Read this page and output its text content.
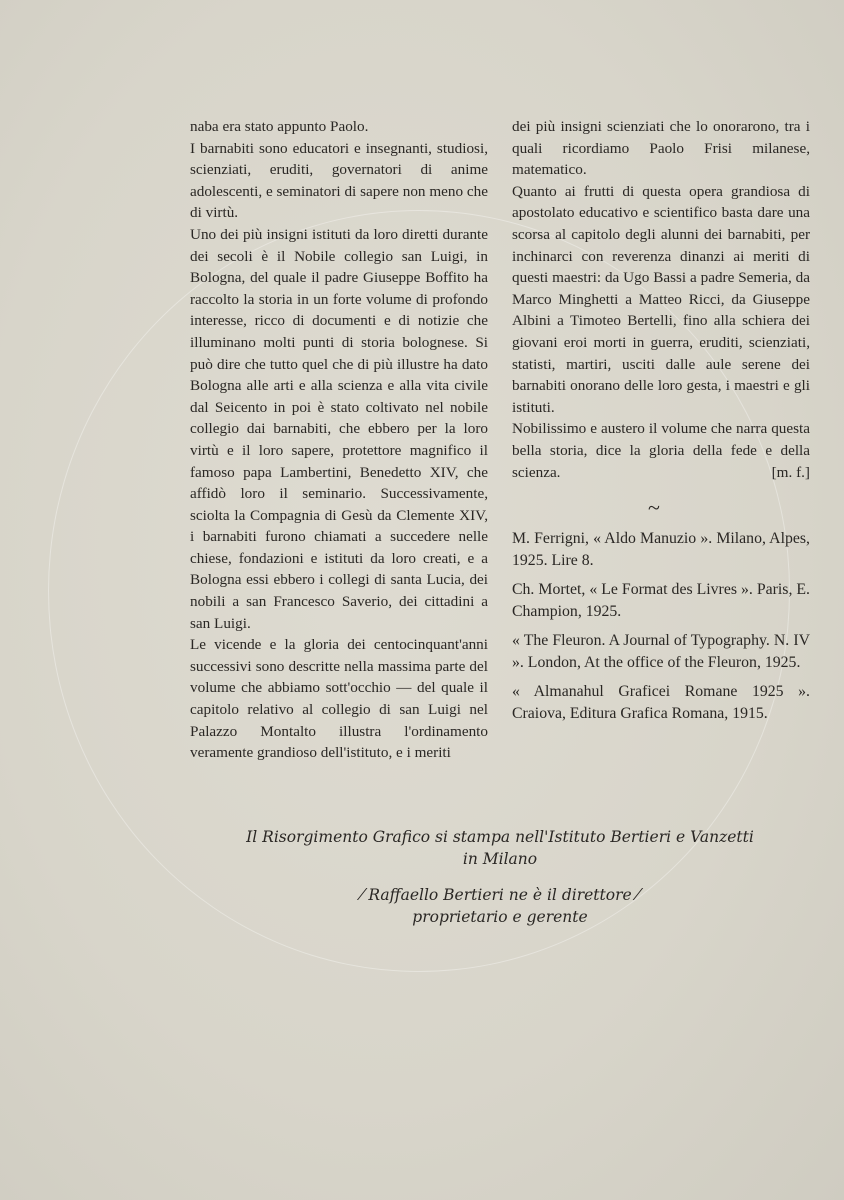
naba era stato appunto Paolo.

I barnabiti sono educatori e insegnanti, studiosi, scienziati, eruditi, governatori di anime adolescenti, e seminatori di sapere non meno che di virtù.

Uno dei più insigni istituti da loro diretti durante dei secoli è il Nobile collegio san Luigi, in Bologna, del quale il padre Giuseppe Boffito ha raccolto la storia in un forte volume di profondo interesse, ricco di documenti e di notizie che illuminano molti punti di storia bolognese. Si può dire che tutto quel che di più illustre ha dato Bologna alle arti e alla scienza e alla vita civile dal Seicento in poi è stato coltivato nel nobile collegio dai barnabiti, che ebbero per la loro virtù e il loro sapere, protettore magnifico il famoso papa Lambertini, Benedetto XIV, che affidò loro il seminario. Successivamente, sciolta la Compagnia di Gesù da Clemente XIV, i barnabiti furono chiamati a succedere nelle chiese, fondazioni e istituti da loro creati, e a Bologna essi ebbero i collegi di santa Lucia, dei nobili a san Francesco Saverio, dei cittadini a san Luigi.

Le vicende e la gloria dei centocinquant'anni successivi sono descritte nella massima parte del volume che abbiamo sott'occhio — del quale il capitolo relativo al collegio di san Luigi nel Palazzo Montalto illustra l'ordinamento veramente grandioso dell'istituto, e i meriti

dei più insigni scienziati che lo onorarono, tra i quali ricordiamo Paolo Frisi milanese, matematico.

Quanto ai frutti di questa opera grandiosa di apostolato educativo e scientifico basta dare una scorsa al capitolo degli alunni dei barnabiti, per inchinarci con reverenza dinanzi ai meriti di questi maestri: da Ugo Bassi a padre Semeria, da Marco Minghetti a Matteo Ricci, da Giuseppe Albini a Timoteo Bertelli, fino alla schiera dei giovani eroi morti in guerra, eruditi, scienziati, statisti, martiri, usciti dalle aule serene dei barnabiti onorano delle loro gesta, i maestri e gli istituti.

Nobilissimo e austero il volume che narra questa bella storia, dice la gloria della fede e della scienza.	[m. f.]

~

M. Ferrigni, « Aldo Manuzio ». Milano, Alpes, 1925. Lire 8.

Ch. Mortet, « Le Format des Livres ». Paris, E. Champion, 1925.

« The Fleuron. A Journal of Typography. N. IV ». London, At the office of the Fleuron, 1925.

« Almanahul Graficei Romane 1925 ». Craiova, Editura Grafica Romana, 1915.

Il Risorgimento Grafico si stampa nell'Istituto Bertieri e Vanzetti
in Milano
⁄ Raffaello Bertieri ne è il direttore ⁄
proprietario e gerente
